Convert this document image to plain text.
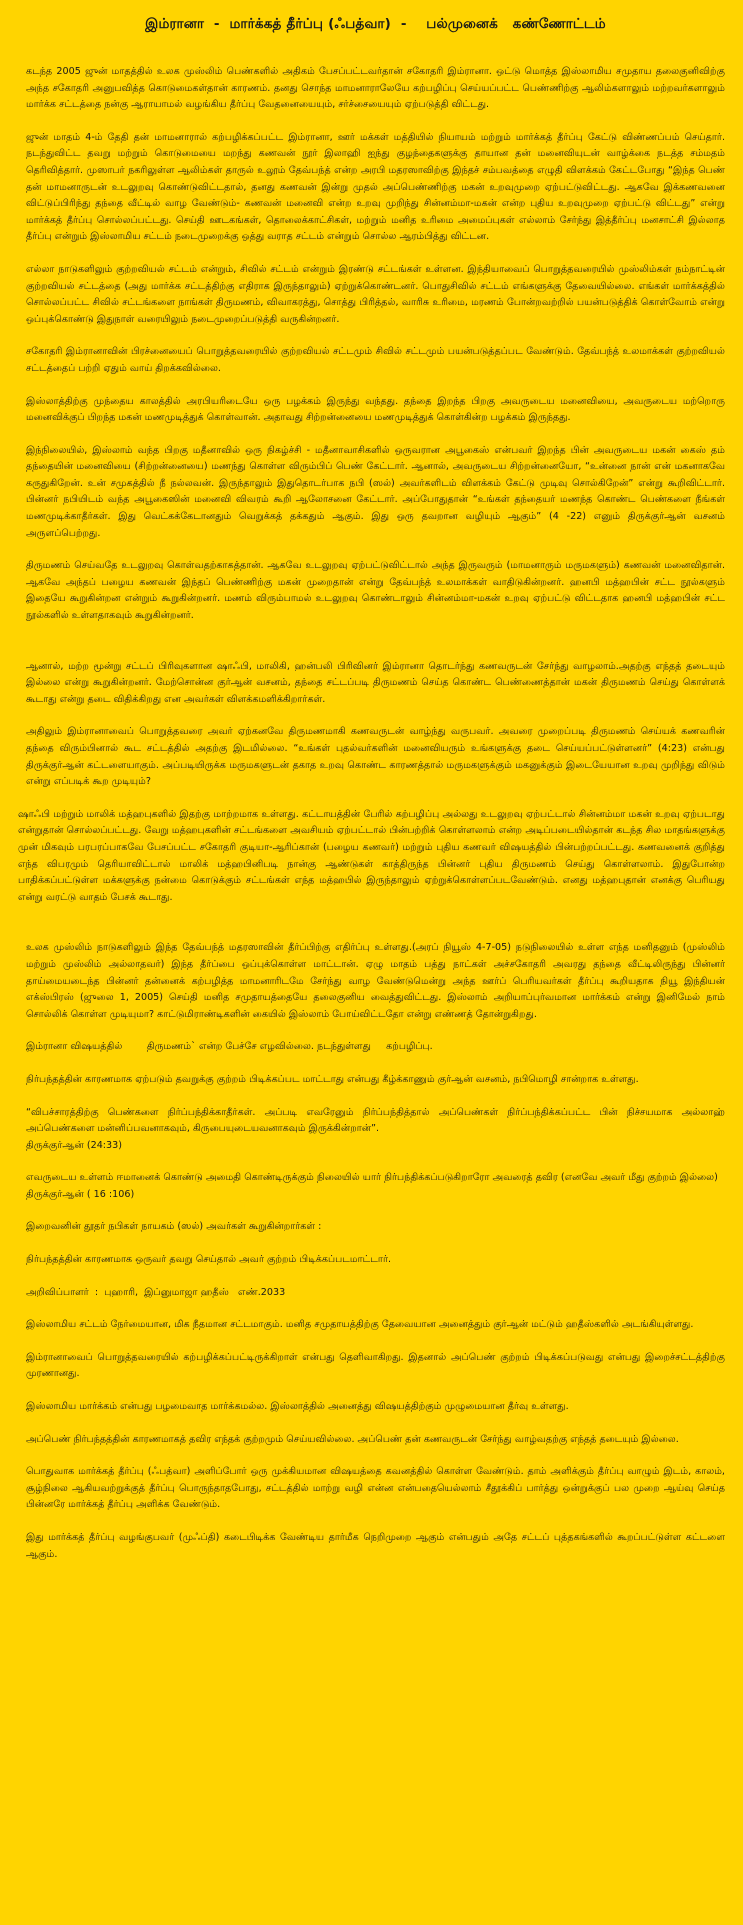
இம்ரானா  -  மார்க்கத் தீர்ப்பு (ஃபத்வா)  -    பல்முனைக்   கண்ணோட்டம்

கடந்த 2005 ஜுன் மாதத்தில் உலக முஸ்லிம் பெண்களில் அதிகம் பேசப்பட்டவர்தான் சகோதரி இம்ரானா. ஒட்டு மொத்த இஸ்லாமிய சமுதாய தலைகுனிவிற்கு அந்த சகோதரி அனுபவித்த கொடுமைகள்தான் காரணம். தனது சொந்த மாமனாராலேயே கற்பழிப்பு செய்யப்பட்ட பெண்ணிற்கு ஆலிம்களாலும் மற்றவர்களாலும் மார்க்க சட்டத்தை நன்கு ஆராயாமல் வழங்கிய தீர்ப்பு வேதனையையும், சர்ச்சையையும் ஏற்படுத்தி விட்டது.

ஜுன் மாதம் 4-ம் தேதி தன் மாமனாரால் கற்பழிக்கப்பட்ட இம்ரானா, ஊர் மக்கள் மத்தியில் நியாயம் மற்றும் மார்க்கத் தீர்ப்பு கேட்டு விண்ணப்பம் செய்தார். நடந்துவிட்ட தவறு மற்றும் கொடுமையை மறந்து கணவன் நூர் இலாஹி ஐந்து குழந்தைகளுக்கு தாயான தன் மனைவியுடன் வாழ்க்கை நடத்த சம்மதம் தெரிவித்தார். முஸாபர் நகரிலுள்ள ஆலிம்கள் தாருல் உலூம் தேவ்பந்த் என்ற அரபி மதரஸாவிற்கு இந்தச் சம்பவத்தை எழுதி விளக்கம் கேட்டபோது “இந்த பெண் தன் மாமனாருடன் உடலுறவு கொண்டுவிட்டதால், தனது கணவன் இன்று முதல் அப்பெண்ணிற்கு மகன் உறவுமுறை ஏற்பட்டுவிட்டது. ஆகவே இக்கணவனை விட்டுப்பிரிந்து தந்தை வீட்டில் வாழ வேண்டும்- கணவன் மனைவி என்ற உறவு முறிந்து சின்னம்மா-மகன் என்ற புதிய உறவுமுறை ஏற்பட்டு விட்டது” என்று மார்க்கத் தீர்ப்பு சொல்லப்பட்டது. செய்தி ஊடகங்கள், தொலைக்காட்சிகள், மற்றும் மனித உரிமை அமைப்புகள் எல்லாம் சேர்ந்து இத்தீர்ப்பு மனசாட்சி இல்லாத தீர்ப்பு என்றும் இஸ்லாமிய சட்டம் நடைமுறைக்கு ஒத்து வராத சட்டம் என்றும் சொல்ல ஆரம்பித்து விட்டன.

எல்லா நாடுகளிலும் குற்றவியல் சட்டம் என்றும், சிவில் சட்டம் என்றும் இரண்டு சட்டங்கள் உள்ளன. இந்தியாவைப் பொறுத்தவரையில் முஸ்லிம்கள் நம்நாட்டின் குற்றவியல் சட்டத்தை (அது மார்க்க சட்டத்திற்கு எதிராக இருந்தாலும்) ஏற்றுக்கொண்டனர். பொதுசிவில் சட்டம் எங்களுக்கு தேவையில்லை. எங்கள் மார்க்கத்தில் சொல்லப்பட்ட சிவில் சட்டங்களை நாங்கள் திருமணம், விவாகரத்து, சொத்து பிரித்தல், வாரிசு உரிமை, மரணம் போன்றவற்றில் பயன்படுத்திக் கொள்வோம் என்று ஒப்புக்கொண்டு இதுநாள் வரையிலும் நடைமுறைப்படுத்தி வருகின்றனர்.

சகோதரி இம்ரானாவின் பிரச்னையைப் பொறுத்தவரையில் குற்றவியல் சட்டமும் சிவில் சட்டமும் பயன்படுத்தப்பட வேண்டும். தேவ்பந்த் உலமாக்கள் குற்றவியல் சட்டத்தைப் பற்றி ஏதும் வாய் திறக்கவில்லை.

இஸ்லாத்திற்கு முந்தைய காலத்தில் அரபியரிடையே ஒரு பழக்கம் இருந்து வந்தது. தந்தை இறந்த பிறகு அவருடைய மனைவியை, அவருடைய மற்றொரு மனைவிக்குப் பிறந்த மகன் மணமுடித்துக் கொள்வான். அதாவது சிற்றன்னையை மணமுடித்துக் கொள்கின்ற பழக்கம் இருந்தது.

இந்நிலையில், இஸ்லாம் வந்த பிறகு மதீனாவில் ஒரு நிகழ்ச்சி - மதீனாவாசிகளில் ஒருவரான அபூகைஸ் என்பவர் இறந்த பின் அவருடைய மகன் கைஸ் தம் தந்தையின் மனைவியை (சிற்றன்னையை) மணந்து கொள்ள விரும்பிப் பெண் கேட்டார். ஆனால், அவருடைய சிற்றன்னையோ, “உன்னை நான் என் மகனாகவே கருதுகிறேன். உன் சமுகத்தில் நீ நல்லவன். இருந்தாலும் இதுதொடர்பாக நபி (ஸல்) அவர்களிடம் விளக்கம் கேட்டு முடிவு சொல்கிறேன்” என்று கூறிவிட்டார். பின்னர் நபியிடம் வந்த அபூகைஸின் மனைவி விவரம் கூறி ஆலோசனை கேட்டார். அப்போதுதான் “உங்கள் தந்தையர் மணந்த கொண்ட பெண்களை நீங்கள் மணமுடிக்காதீர்கள். இது வெட்கக்கேடானதும் வெறுக்கத் தக்கதும் ஆகும். இது ஒரு தவறான வழியும் ஆகும்” (4 -22) எனும் திருக்குர்ஆன் வசனம் அருளப்பெற்றது.

திருமணம் செய்வதே உடலுறவு கொள்வதற்காகத்தான். ஆகவே உடலுறவு ஏற்பட்டுவிட்டால் அந்த இருவரும் (மாமனாரும் மருமகளும்) கணவன் மனைவிதான். ஆகவே அந்தப் பழைய கணவன் இந்தப் பெண்ணிற்கு மகன் முறைதான் என்று தேவ்பந்த் உலமாக்கள் வாதிடுகின்றனர். ஹனபி மத்ஹபின் சட்ட நூல்களும் இதையே கூறுகின்றன என்றும் கூறுகின்றனர். மணம் விரும்பாமல் உடலுறவு கொண்டாலும் சின்னம்மா-மகன் உறவு ஏற்பட்டு விட்டதாக ஹனபி மத்ஹபின் சட்ட நூல்களில் உள்ளதாகவும் கூறுகின்றனர்.

ஆனால், மற்ற மூன்று சட்டப் பிரிவுகளான ஷாஃபி, மாலிகி, ஹன்பலி பிரிவினர் இம்ரானா தொடர்ந்து கணவருடன் சேர்ந்து வாழலாம்.அதற்கு எந்தத் தடையும் இல்லை என்று கூறுகின்றனர். மேற்சொன்ன குர்ஆன் வசனம், தந்தை சட்டப்படி திருமணம் செய்த கொண்ட பெண்ணைத்தான் மகன் திருமணம் செய்து கொள்ளக் கூடாது என்று தடை விதிக்கிறது என அவர்கள் விளக்கமளிக்கிறார்கள்.

அதிலும் இம்ரானாவைப் பொறுத்தவரை அவர் ஏற்கனவே திருமணமாகி கணவருடன் வாழ்ந்து வருபவர். அவரை முறைப்படி திருமணம் செய்யக் கணவரின் தந்தை விரும்பினால் கூட சட்டத்தில் அதற்கு இடமில்லை. “உங்கள் புதல்வர்களின் மனைவியரும் உங்களுக்கு தடை செய்யப்பட்டுள்ளனர்” (4:23) என்பது திருக்குர்ஆன் கட்டளையாகும். அப்படியிருக்க மருமகளுடன் தகாத உறவு கொண்ட காரணத்தால் மருமகளுக்கும் மகனுக்கும் இடையேயான உறவு முறிந்து விடும் என்று எப்படிக் கூற முடியும்?

ஷாஃபி மற்றும் மாலிக் மத்ஹபுகளில் இதற்கு மாற்றமாக உள்ளது. கட்டாயத்தின் பேரில் கற்பழிப்பு அல்லது உடலுறவு ஏற்பட்டால் சின்னம்மா மகன் உறவு ஏற்படாது என்றுதான் சொல்லப்பட்டது. வேறு மத்ஹபுகளின் சட்டங்களை அவசியம் ஏற்பட்டால் பின்பற்றிக் கொள்ளலாம் என்ற அடிப்படையில்தான் கடந்த சில மாதங்களுக்கு முன் மிகவும் பரபரப்பாகவே பேசப்பட்ட சகோதரி குடியா-ஆரிப்கான் (பழைய கணவர்) மற்றும் புதிய கணவர் விஷயத்தில் பின்பற்றப்பட்டது. கணவனைக் குறித்து எந்த விபரமும் தெரியாவிட்டால் மாலிக் மத்ஹபினிபடி நான்கு ஆண்டுகள் காத்திருந்த பின்னர் புதிய திருமணம் செய்து கொள்ளலாம். இதுபோன்ற பாதிக்கப்பட்டுள்ள மக்களுக்கு நன்மை கொடுக்கும் சட்டங்கள் எந்த மத்ஹபில் இருந்தாலும் ஏற்றுக்கொள்ளப்படவேண்டும். எனது மத்ஹபுதான் எனக்கு பெரியது என்று வரட்டு வாதம் பேசக் கூடாது.

உலக முஸ்லிம் நாடுகளிலும் இந்த தேவ்பந்த் மதரஸாவின் தீர்ப்பிற்கு எதிர்ப்பு உள்ளது.(அரப் நியூஸ் 4-7-05) நடுநிலையில் உள்ள எந்த மனிதனும் (முஸ்லிம் மற்றும் முஸ்லிம் அல்லாதவர்) இந்த தீர்ப்பை ஒப்புக்கொள்ள மாட்டான். ஏழு மாதம் பத்து நாட்கள் அச்சகோதரி அவரது தந்தை வீட்டிலிருந்து பின்னர் தாய்மையடைந்த பின்னர் தன்னைக் கற்பழித்த மாமனாரிடமே சேர்ந்து வாழ வேண்டுமென்று அந்த ஊர்ப் பெரியவர்கள் தீர்ப்பு கூறியதாக நியூ இந்தியன் எக்ஸ்பிரஸ் (ஜுலை 1, 2005) செய்தி மனித சமுதாயத்தையே தலைகுனிய வைத்துவிட்டது. இஸ்லாம் அறியாப்புர்வமான மார்க்கம் என்று இனிமேல் நாம் சொல்லிக் கொள்ள முடியுமா? காட்டுமிராண்டிகளின் கையில் இஸ்லாம் போய்விட்டதோ என்று எண்ணத் தோன்றுகிறது.

இம்ரானா விஷயத்தில்        திருமணம்` என்ற பேச்சே எழவில்லை. நடந்துள்ளது     கற்பழிப்பு.

நிர்பந்தத்தின் காரணமாக ஏற்படும் தவறுக்கு குற்றம் பிடிக்கப்பட மாட்டாது என்பது கீழ்க்காணும் குர்ஆன் வசனம், நபிமொழி சான்றாக உள்ளது.

“விபச்சாரத்திற்கு பெண்களை நிர்ப்பந்திக்காதீர்கள். அப்படி எவரேனும் நிர்ப்பந்தித்தால் அப்பெண்கள் நிர்ப்பந்திக்கப்பட்ட பின் நிச்சயமாக அல்லாஹ் அப்பெண்களை மன்னிப்பவனாகவும், கிருபையுடையவனாகவும் இருக்கின்றான்”.
திருக்குர்ஆன் (24:33)

எவருடைய உள்ளம் ஈமானைக் கொண்டு அமைதி கொண்டிருக்கும் நிலையில் யார் நிர்பந்திக்கப்படுகிறாரோ அவரைத் தவிர (எனவே அவர் மீது குற்றம் இல்லை)
திருக்குர்ஆன் ( 16 :106)

இறைவனின் தூதர் நபிகள் நாயகம் (ஸல்) அவர்கள் கூறுகின்றார்கள் :

நிர்பந்தத்தின் காரணமாக ஒருவர் தவறு செய்தால் அவர் குற்றம் பிடிக்கப்படமாட்டார்.

அறிவிப்பாளர்  :  புஹாரி,  இப்னுமாஜா ஹதீஸ்   எண்.2033

இஸ்லாமிய சட்டம் நேர்மையான, மிக நீதமான சட்டமாகும். மனித சமுதாயத்திற்கு தேவையான அனைத்தும் குர்ஆன் மட்டும் ஹதீஸ்களில் அடங்கியுள்ளது.

இம்ரானாவைப் பொறுத்தவரையில் கற்பழிக்கப்பட்டிருக்கிறாள் என்பது தெளிவாகிறது. இதனால் அப்பெண் குற்றம் பிடிக்கப்படுவது என்பது இறைச்சட்டத்திற்கு முரணானது.

இஸ்லாமிய மார்க்கம் என்பது பழமைவாத மார்க்கமல்ல. இஸ்லாத்தில் அனைத்து விஷயத்திற்கும் முழுமையான தீர்வு உள்ளது.

அப்பெண் நிர்பந்தத்தின் காரணமாகத் தவிர எந்தக் குற்றமும் செய்யவில்லை. அப்பெண் தன் கணவருடன் சேர்ந்து வாழ்வதற்கு எந்தத் தடையும் இல்லை.

பொதுவாக மார்க்கத் தீர்ப்பு (ஃபத்வா) அளிப்போர் ஒரு முக்கியமான விஷயத்தை கவனத்தில் கொள்ள வேண்டும். தாம் அளிக்கும் தீர்ப்பு வாழும் இடம், காலம், சூழ்நிலை ஆகியவற்றுக்குத் தீர்ப்பு பொருந்தாதபோது, சட்டத்தில் மாற்று வழி என்ன என்பதையெல்லாம் சீதூக்கிப் பார்த்து ஒன்றுக்குப் பல முறை ஆய்வு செய்த பின்னரே மார்க்கத் தீர்ப்பு அளிக்க வேண்டும்.

இது மார்க்கத் தீர்ப்பு வழங்குபவர் (முஃப்தி) கடைபிடிக்க வேண்டிய தார்மீக நெறிமுறை ஆகும் என்பதும் அதே சட்டப் புத்தகங்களில் கூறப்பட்டுள்ள கட்டளை ஆகும்.
